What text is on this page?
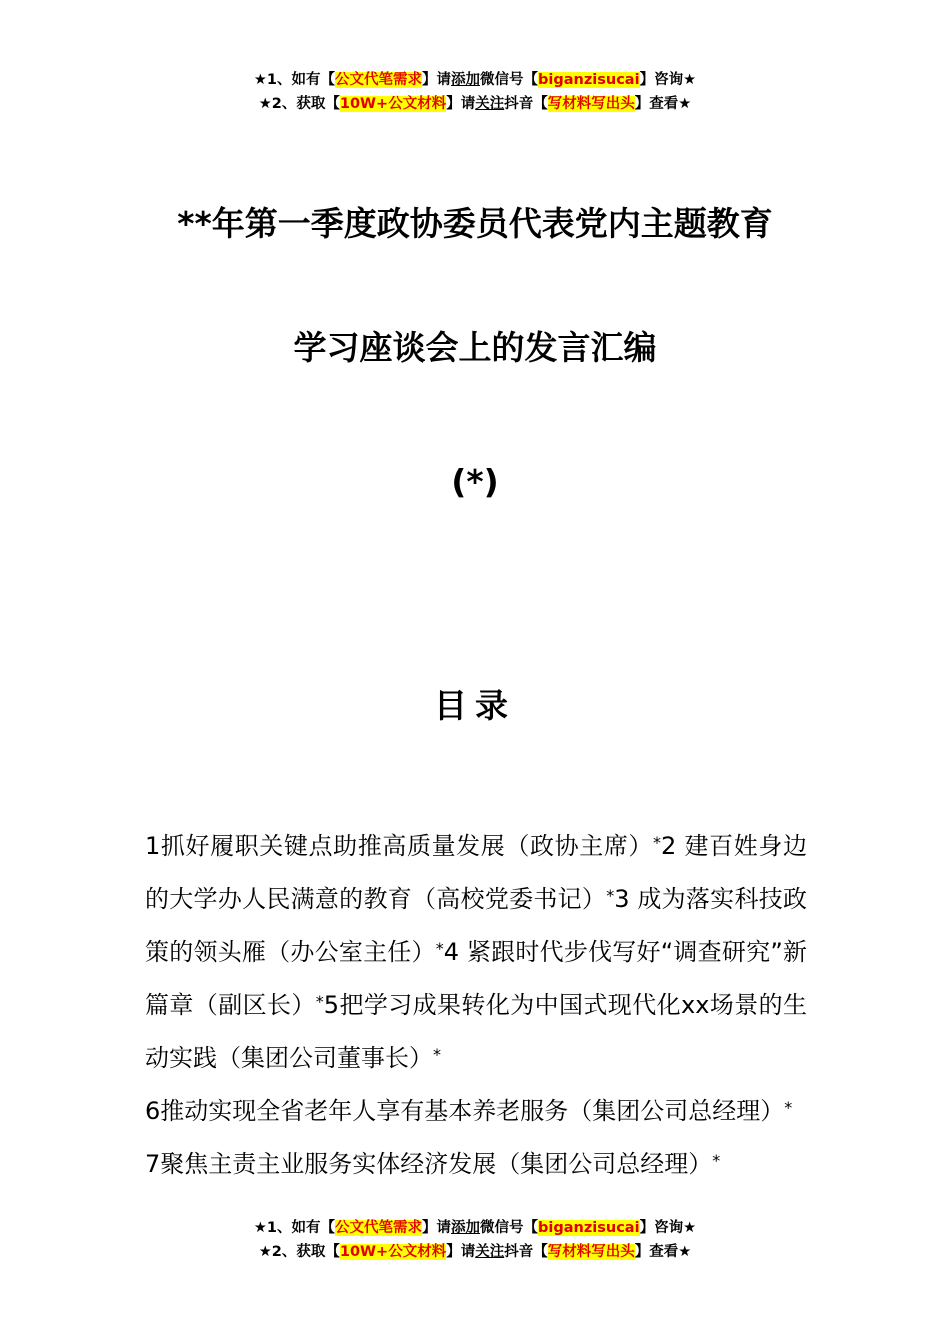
★1、如有【公文代笔需求】请添加微信号【biganzisucai】咨询★
★2、获取【10W+公文材料】请关注抖音【写材料写出头】查看★
**年第一季度政协委员代表党内主题教育
学习座谈会上的发言汇编
(*)
目录

1抓好履职关键点助推高质量发展（政协主席）*2 建百姓身边的大学办人民满意的教育（高校党委书记）*3 成为落实科技政策的领头雁（办公室主任）*4 紧跟时代步伐写好“调查研究”新篇章（副区长）*5把学习成果转化为中国式现代化xx场景的生动实践（集团公司董事长）*

6推动实现全省老年人享有基本养老服务（集团公司总经理）*

7聚焦主责主业服务实体经济发展（集团公司总经理）*

★1、如有【公文代笔需求】请添加微信号【biganzisucai】咨询★
★2、获取【10W+公文材料】请关注抖音【写材料写出头】查看★
